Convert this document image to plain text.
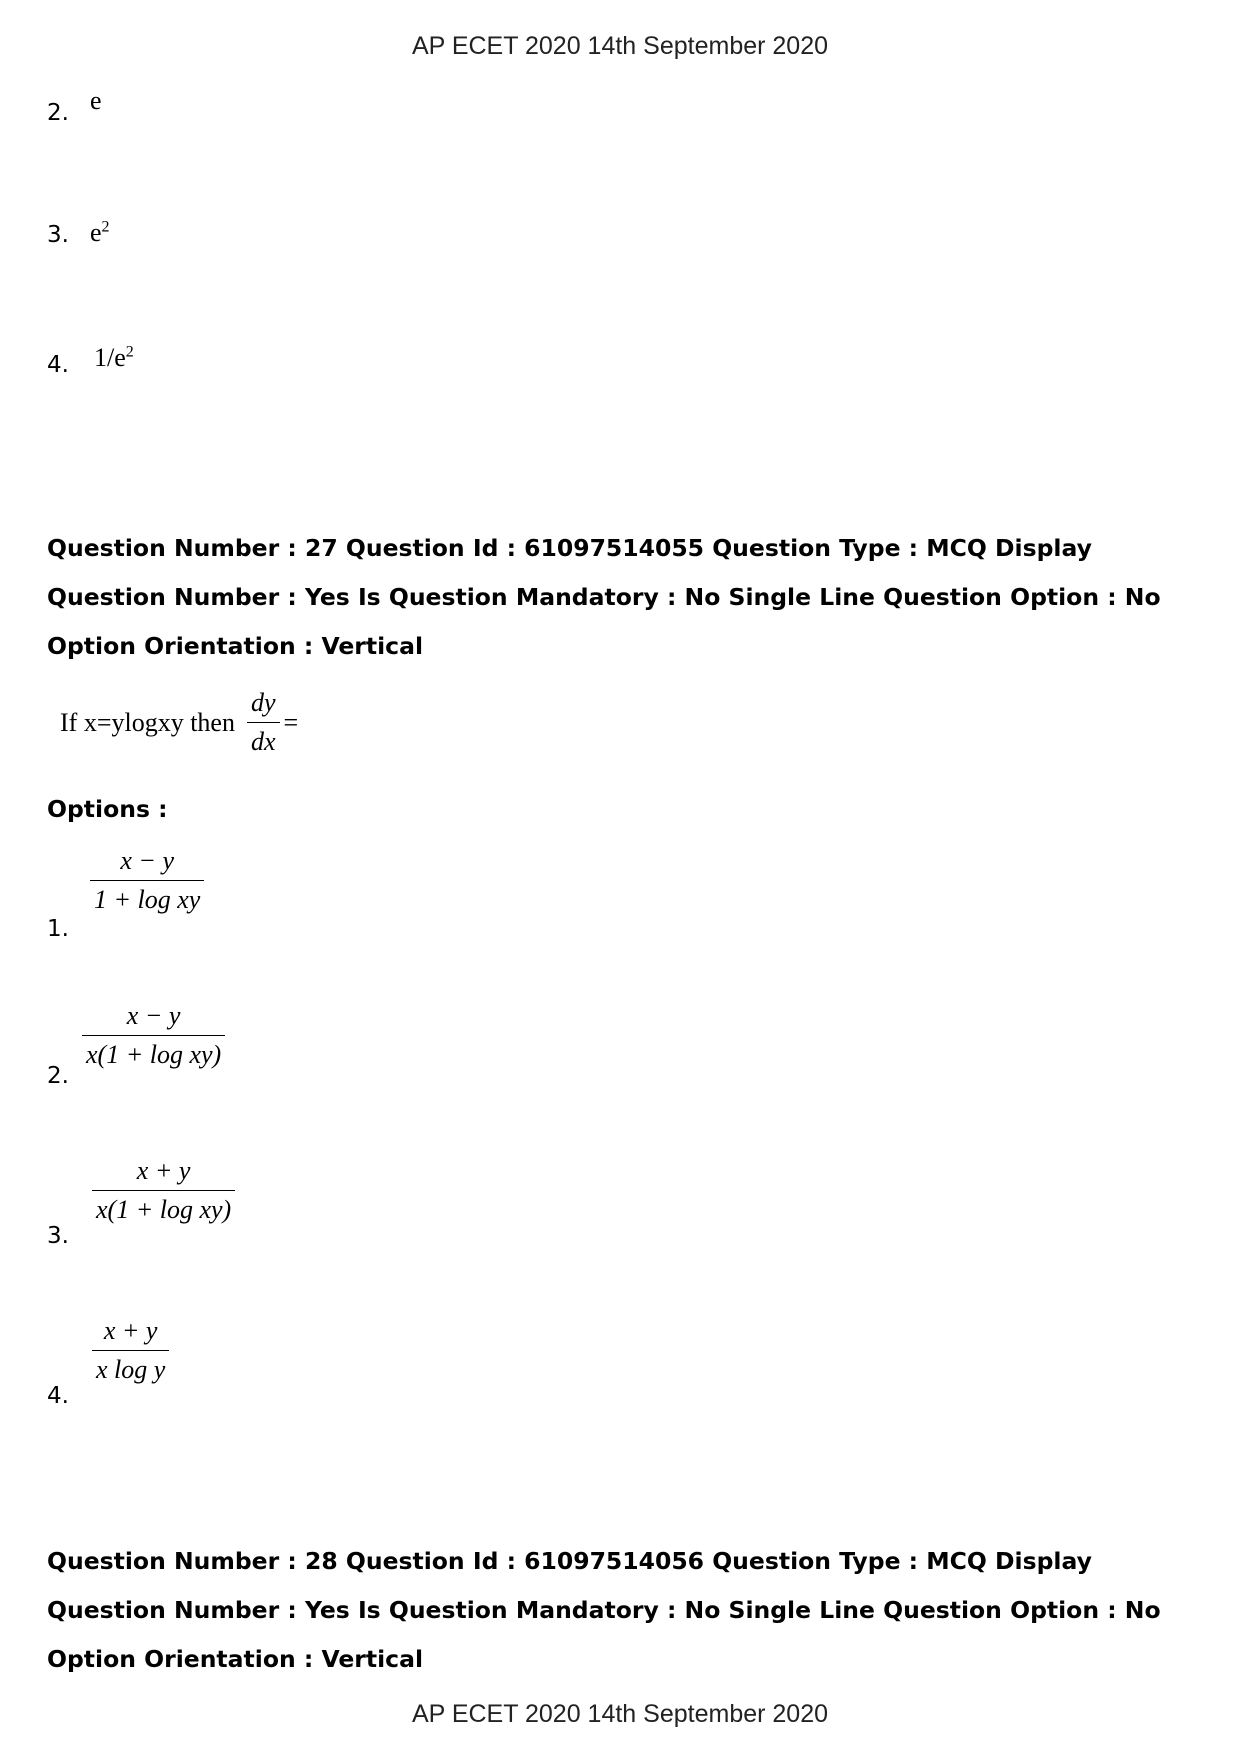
AP ECET 2020 14th September 2020
2. e
3. $e^2$
4. $1/e^2$
Question Number : 27 Question Id : 61097514055 Question Type : MCQ Display Question Number : Yes Is Question Mandatory : No Single Line Question Option : No Option Orientation : Vertical
If x=ylogxy then $\frac{dy}{dx}$ =
Options :
1.
$\frac{x - y}{\text{1 + log xy}}$
2.
$\frac{x - y}{\text{x(1 + log xy)}}$
3.
$\frac{x + y}{\text{x(1 + log xy)}}$
4.
$\frac{x + y}{\text{x log y}}$
Question Number : 28 Question Id : 61097514056 Question Type : MCQ Display Question Number : Yes Is Question Mandatory : No Single Line Question Option : No Option Orientation : Vertical
AP ECET 2020 14th September 2020
